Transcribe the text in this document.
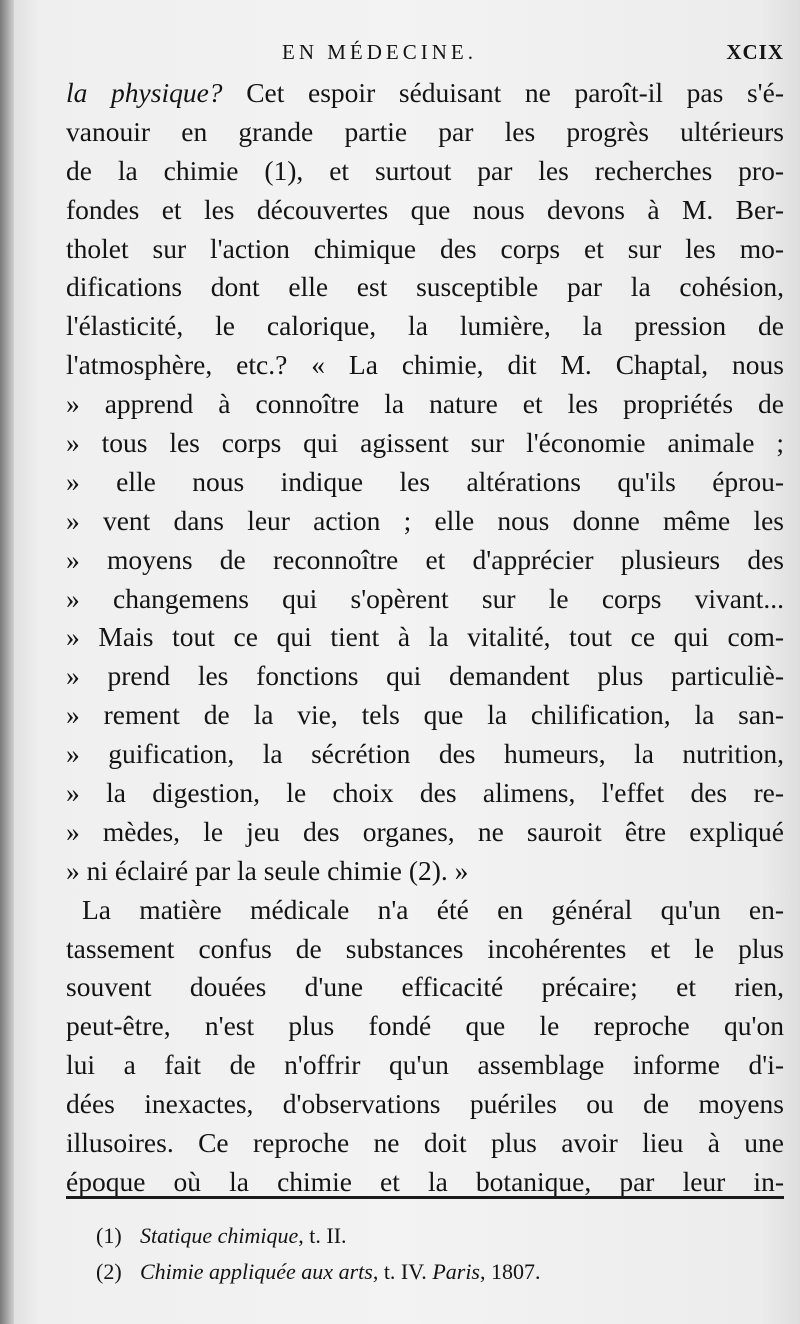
EN MÉDECINE.	XCIX
la physique? Cet espoir séduisant ne paroît-il pas s'é-
vanouir en grande partie par les progrès ultérieurs
de la chimie (1), et surtout par les recherches pro-
fondes et les découvertes que nous devons à M. Ber-
tholet sur l'action chimique des corps et sur les mo-
difications dont elle est susceptible par la cohésion,
l'élasticité, le calorique, la lumière, la pression de
l'atmosphère, etc.? « La chimie, dit M. Chaptal, nous
» apprend à connoître la nature et les propriétés de
» tous les corps qui agissent sur l'économie animale ;
» elle nous indique les altérations qu'ils éprou-
» vent dans leur action ; elle nous donne même les
» moyens de reconnoître et d'apprécier plusieurs des
» changemens qui s'opèrent sur le corps vivant...
» Mais tout ce qui tient à la vitalité, tout ce qui com-
» prend les fonctions qui demandent plus particuliè-
» rement de la vie, tels que la chilification, la san-
» guification, la sécrétion des humeurs, la nutrition,
» la digestion, le choix des alimens, l'effet des re-
» mèdes, le jeu des organes, ne sauroit être expliqué
» ni éclairé par la seule chimie (2). »
La matière médicale n'a été en général qu'un en-
tassement confus de substances incohérentes et le plus
souvent douées d'une efficacité précaire; et rien,
peut-être, n'est plus fondé que le reproche qu'on
lui a fait de n'offrir qu'un assemblage informe d'i-
dées inexactes, d'observations puériles ou de moyens
illusoires. Ce reproche ne doit plus avoir lieu à une
époque où la chimie et la botanique, par leur in-
(1) Statique chimique, t. II.
(2) Chimie appliquée aux arts, t. IV. Paris, 1807.
